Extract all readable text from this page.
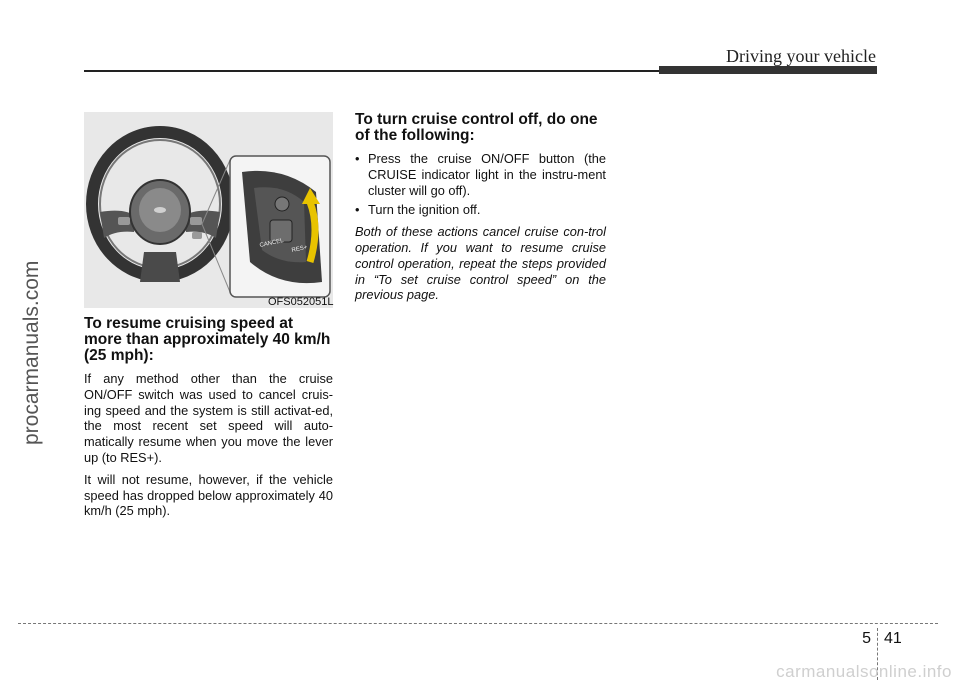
Driving your vehicle
procarmanuals.com
CANCEL
RES+
OFS052051L
To resume cruising speed at more than approximately 40 km/h (25 mph):

If any method other than the cruise ON/OFF switch was used to cancel cruis-ing speed and the system is still activat-ed, the most recent set speed will auto-matically resume when you move the lever up (to RES+).

It will not resume, however, if the vehicle speed has dropped below approximately 40 km/h (25 mph).

To turn cruise control off, do one of the following:
• Press the cruise ON/OFF button (the CRUISE indicator light in the instru-ment cluster will go off).
• Turn the ignition off.

Both of these actions cancel cruise con-trol operation. If you want to resume cruise control operation, repeat the steps provided in “To set cruise control speed” on the previous page.

5 41
carmanualsonline.info
